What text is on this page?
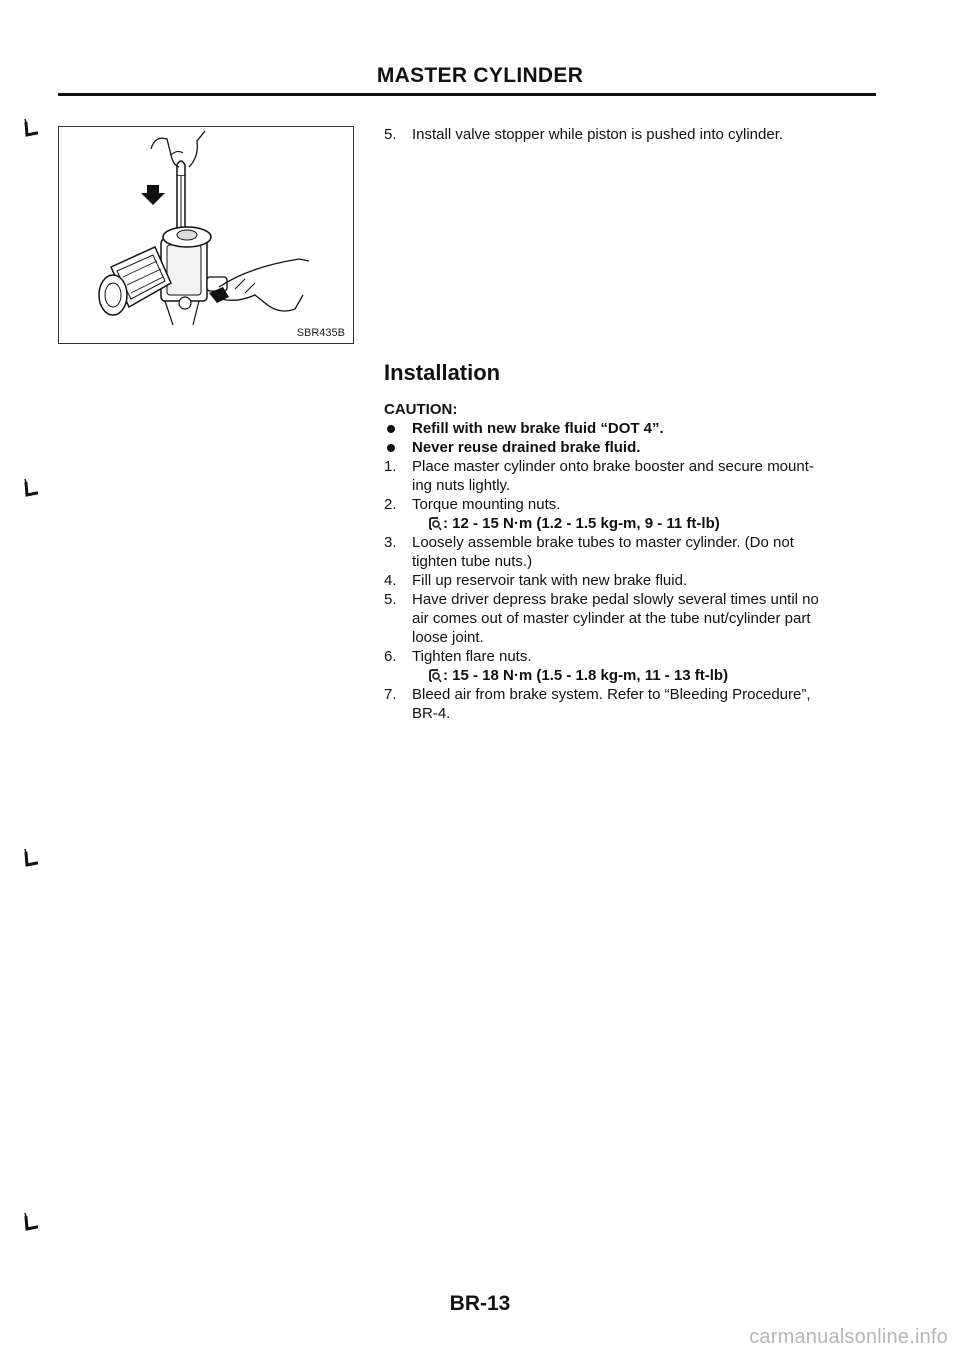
MASTER CYLINDER
SBR435B
5. Install valve stopper while piston is pushed into cylinder.
Installation
CAUTION:
Refill with new brake fluid “DOT 4”.
Never reuse drained brake fluid.
1. Place master cylinder onto brake booster and secure mount-
ing nuts lightly.
2. Torque mounting nuts.
: 12 - 15 N·m (1.2 - 1.5 kg-m, 9 - 11 ft-lb)
3. Loosely assemble brake tubes to master cylinder. (Do not
tighten tube nuts.)
4. Fill up reservoir tank with new brake fluid.
5. Have driver depress brake pedal slowly several times until no
air comes out of master cylinder at the tube nut/cylinder part
loose joint.
6. Tighten flare nuts.
: 15 - 18 N·m (1.5 - 1.8 kg-m, 11 - 13 ft-lb)
7. Bleed air from brake system. Refer to “Bleeding Procedure”,
BR-4.
BR-13
carmanualsonline.info
